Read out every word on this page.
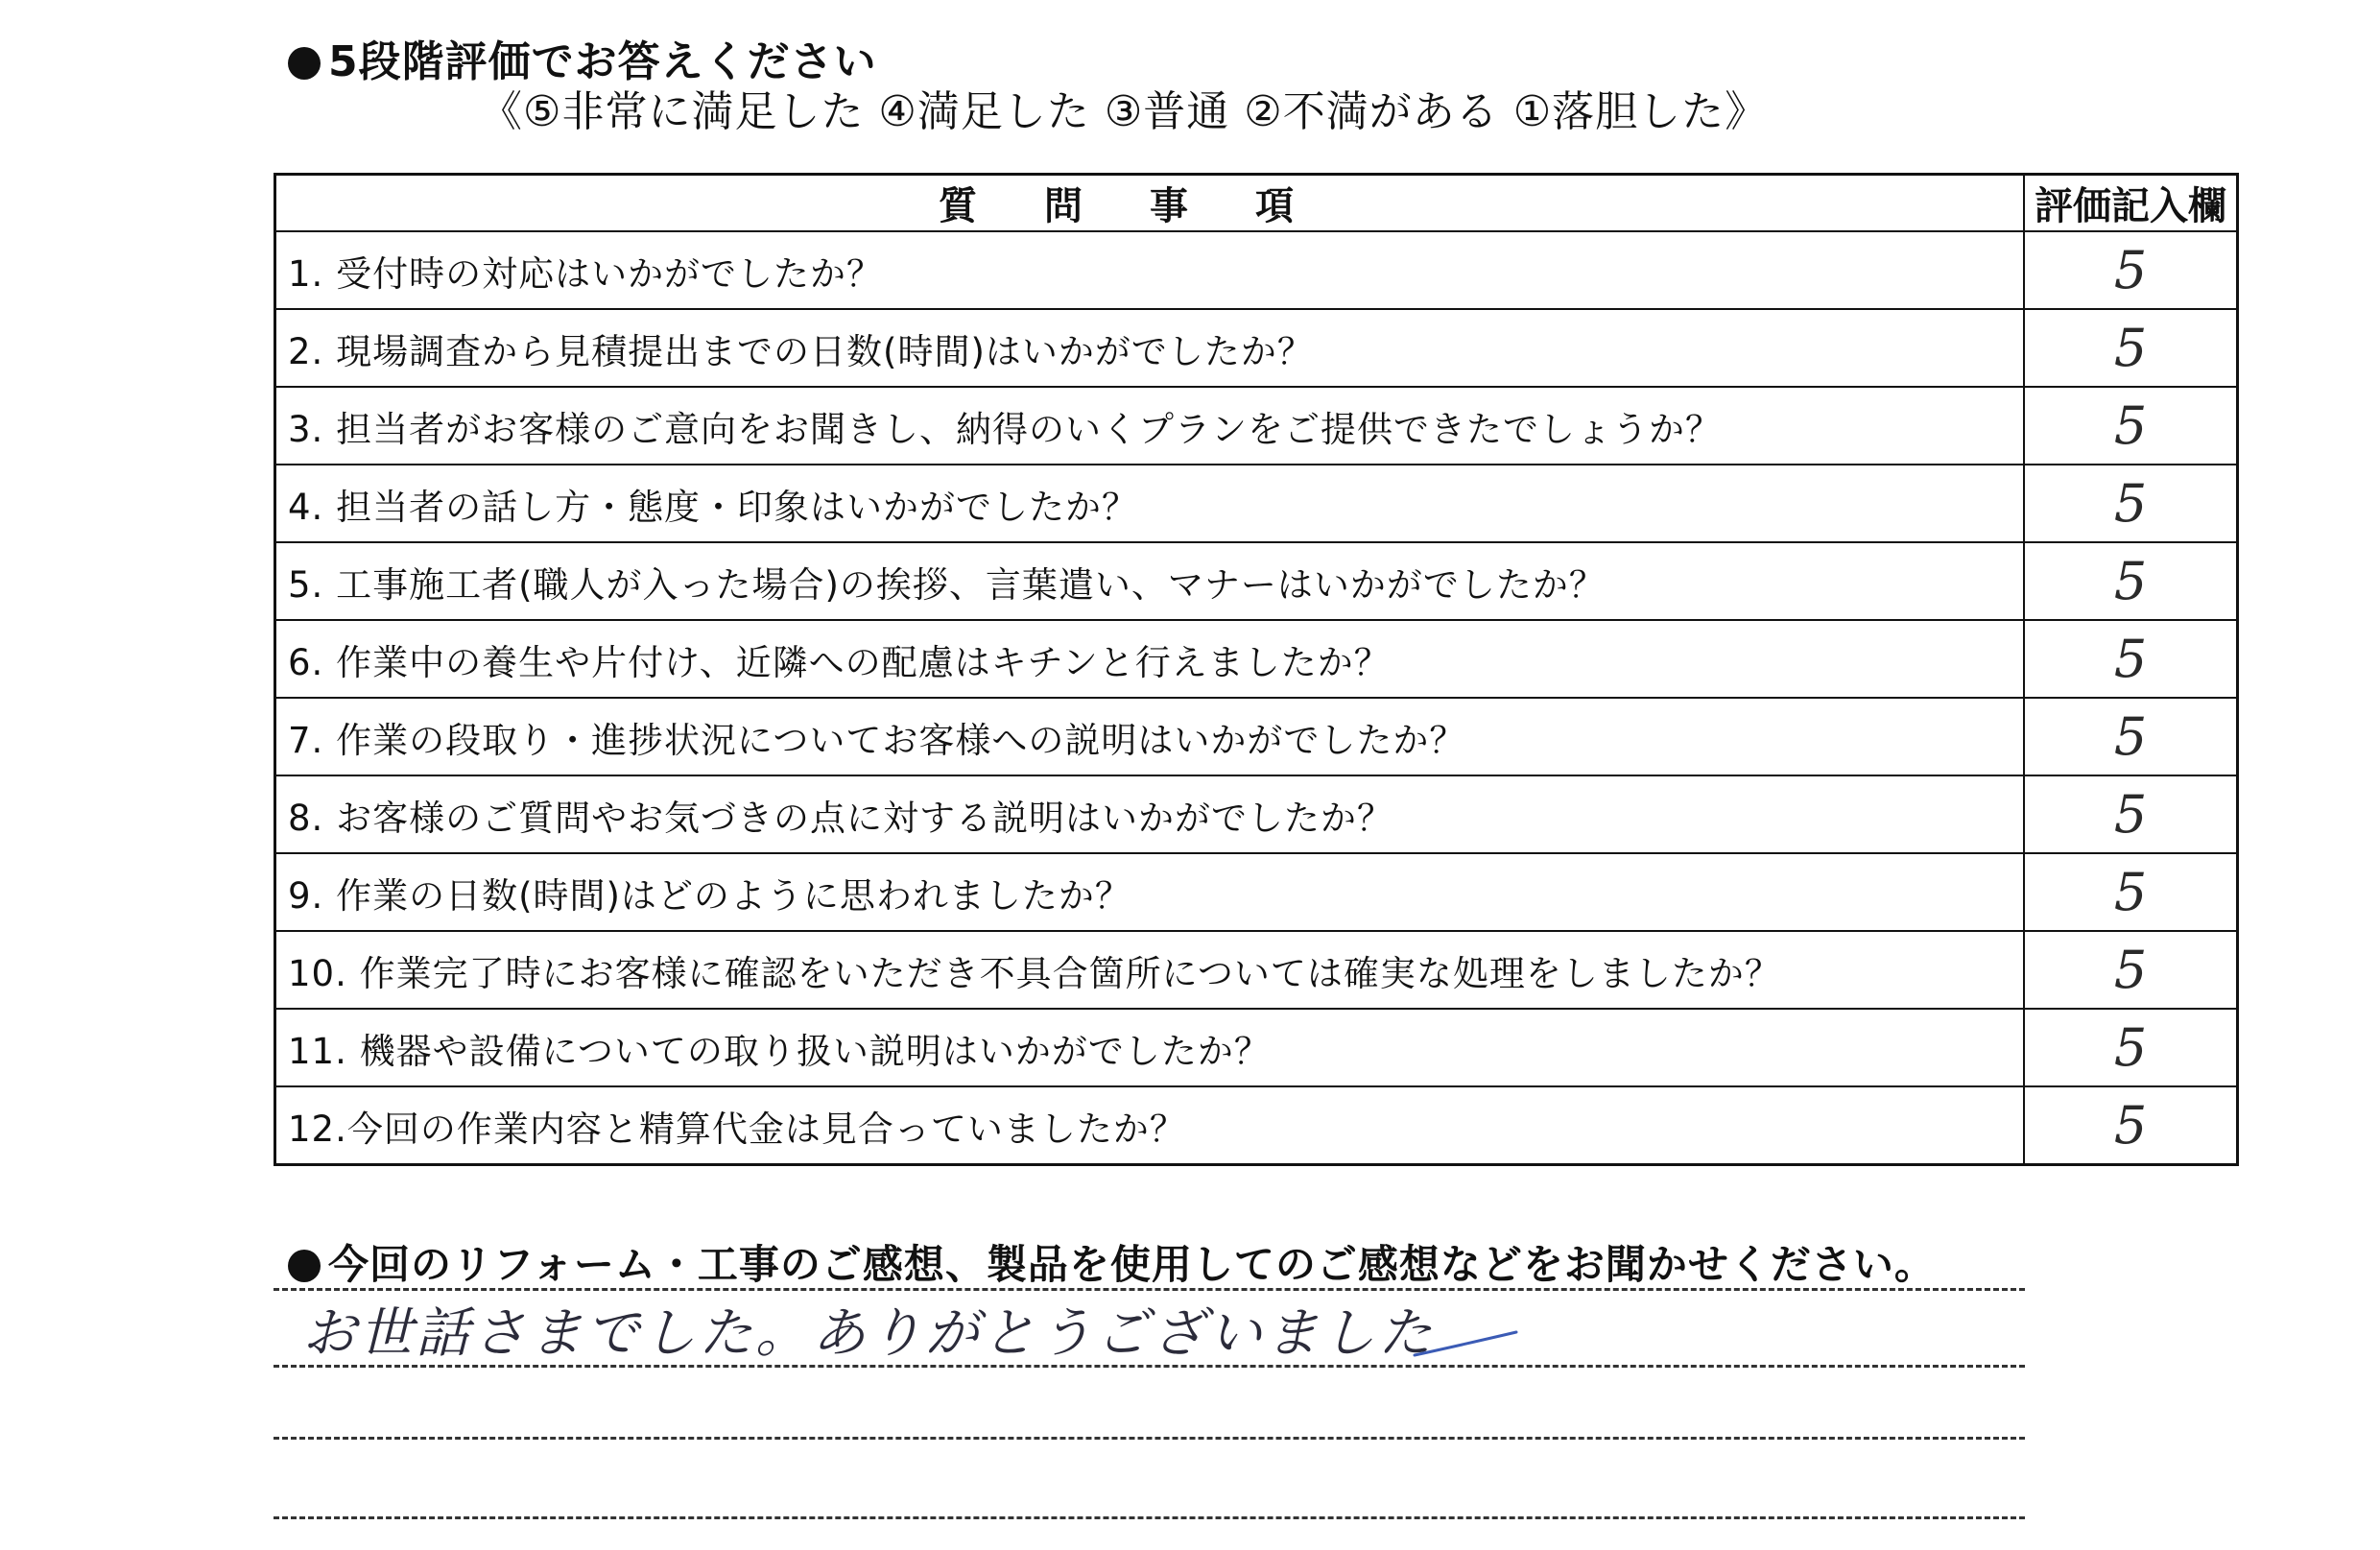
5段階評価でお答えください
《⑤非常に満足した ④満足した ③普通 ②不満がある ①落胆した》
質問事項	評価記入欄
1. 受付時の対応はいかがでしたか？	5
2. 現場調査から見積提出までの日数(時間)はいかがでしたか？	5
3. 担当者がお客様のご意向をお聞きし、納得のいくプランをご提供できたでしょうか？	5
4. 担当者の話し方・態度・印象はいかがでしたか？	5
5. 工事施工者(職人が入った場合)の挨拶、言葉遣い、マナーはいかがでしたか？	5
6. 作業中の養生や片付け、近隣への配慮はキチンと行えましたか？	5
7. 作業の段取り・進捗状況についてお客様への説明はいかがでしたか？	5
8. お客様のご質問やお気づきの点に対する説明はいかがでしたか？	5
9. 作業の日数(時間)はどのように思われましたか？	5
10. 作業完了時にお客様に確認をいただき不具合箇所については確実な処理をしましたか？	5
11. 機器や設備についての取り扱い説明はいかがでしたか？	5
12.今回の作業内容と精算代金は見合っていましたか？	5
今回のリフォーム・工事のご感想、製品を使用してのご感想などをお聞かせください。
お世話さまでした。ありがとうございました
